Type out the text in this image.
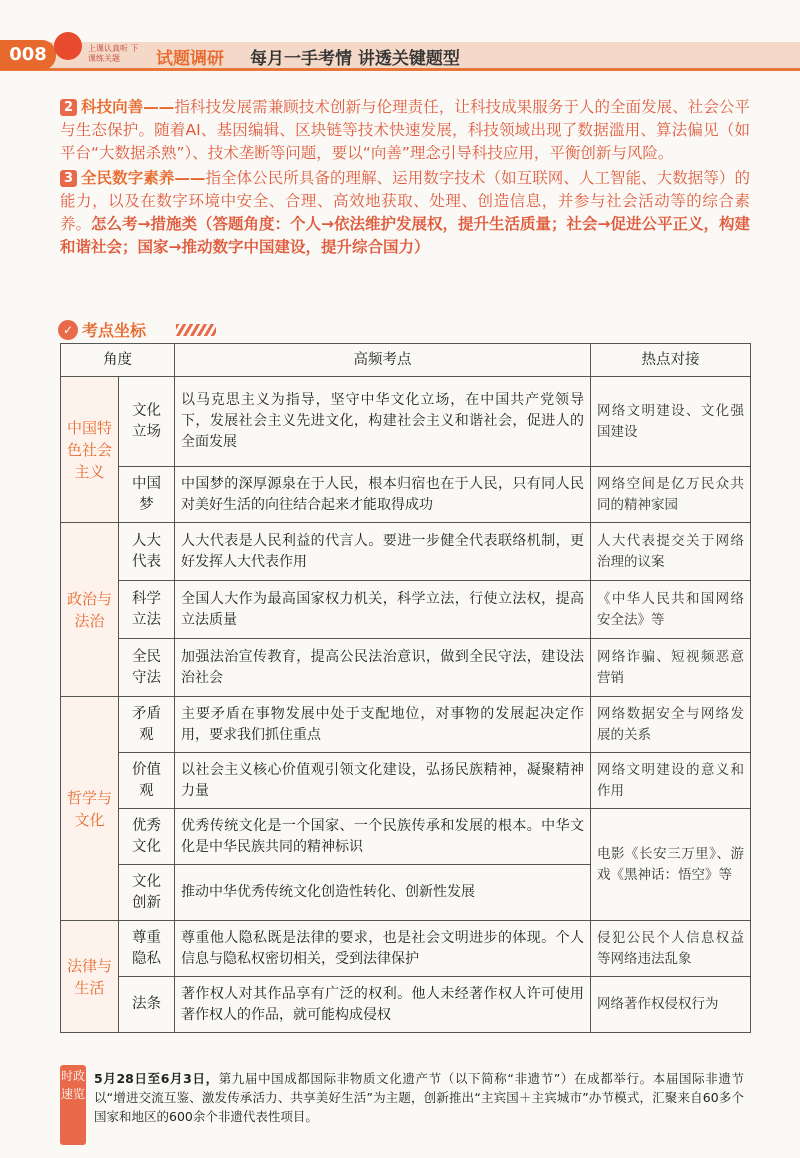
008	上课认真听 下课练关题	试题调研 每月一手考情 讲透关键题型

2 科技向善——指科技发展需兼顾技术创新与伦理责任，让科技成果服务于人的全面发展、社会公平与生态保护。随着AI、基因编辑、区块链等技术快速发展，科技领域出现了数据滥用、算法偏见（如平台“大数据杀熟”）、技术垄断等问题，要以“向善”理念引导科技应用，平衡创新与风险。

3 全民数字素养——指全体公民所具备的理解、运用数字技术（如互联网、人工智能、大数据等）的能力，以及在数字环境中安全、合理、高效地获取、处理、创造信息，并参与社会活动等的综合素养。怎么考→措施类（答题角度：个人→依法维护发展权，提升生活质量；社会→促进公平正义，构建和谐社会；国家→推动数字中国建设，提升综合国力）

✓ 考点坐标
角度		高频考点	热点对接
中国特色社会主义	文化立场	以马克思主义为指导，坚守中华文化立场，在中国共产党领导下，发展社会主义先进文化，构建社会主义和谐社会，促进人的全面发展	网络文明建设、文化强国建设
	中国梦	中国梦的深厚源泉在于人民，根本归宿也在于人民，只有同人民对美好生活的向往结合起来才能取得成功	网络空间是亿万民众共同的精神家园
政治与法治	人大代表	人大代表是人民利益的代言人。要进一步健全代表联络机制，更好发挥人大代表作用	人大代表提交关于网络治理的议案
	科学立法	全国人大作为最高国家权力机关，科学立法，行使立法权，提高立法质量	《中华人民共和国网络安全法》等
	全民守法	加强法治宣传教育，提高公民法治意识，做到全民守法，建设法治社会	网络诈骗、短视频恶意营销
哲学与文化	矛盾观	主要矛盾在事物发展中处于支配地位，对事物的发展起决定作用，要求我们抓住重点	网络数据安全与网络发展的关系
	价值观	以社会主义核心价值观引领文化建设，弘扬民族精神，凝聚精神力量	网络文明建设的意义和作用
	优秀文化	优秀传统文化是一个国家、一个民族传承和发展的根本。中华文化是中华民族共同的精神标识	电影《长安三万里》、游戏《黑神话：悟空》等
	文化创新	推动中华优秀传统文化创造性转化、创新性发展	
法律与生活	尊重隐私	尊重他人隐私既是法律的要求，也是社会文明进步的体现。个人信息与隐私权密切相关，受到法律保护	侵犯公民个人信息权益等网络违法乱象
	法条	著作权人对其作品享有广泛的权利。他人未经著作权人许可使用著作权人的作品，就可能构成侵权	网络著作权侵权行为
时政速览
5月28日至6月3日，第九届中国成都国际非物质文化遗产节（以下简称“非遗节”）在成都举行。本届国际非遗节以“增进交流互鉴、激发传承活力、共享美好生活”为主题，创新推出“主宾国＋主宾城市”办节模式，汇聚来自60多个国家和地区的600余个非遗代表性项目。
